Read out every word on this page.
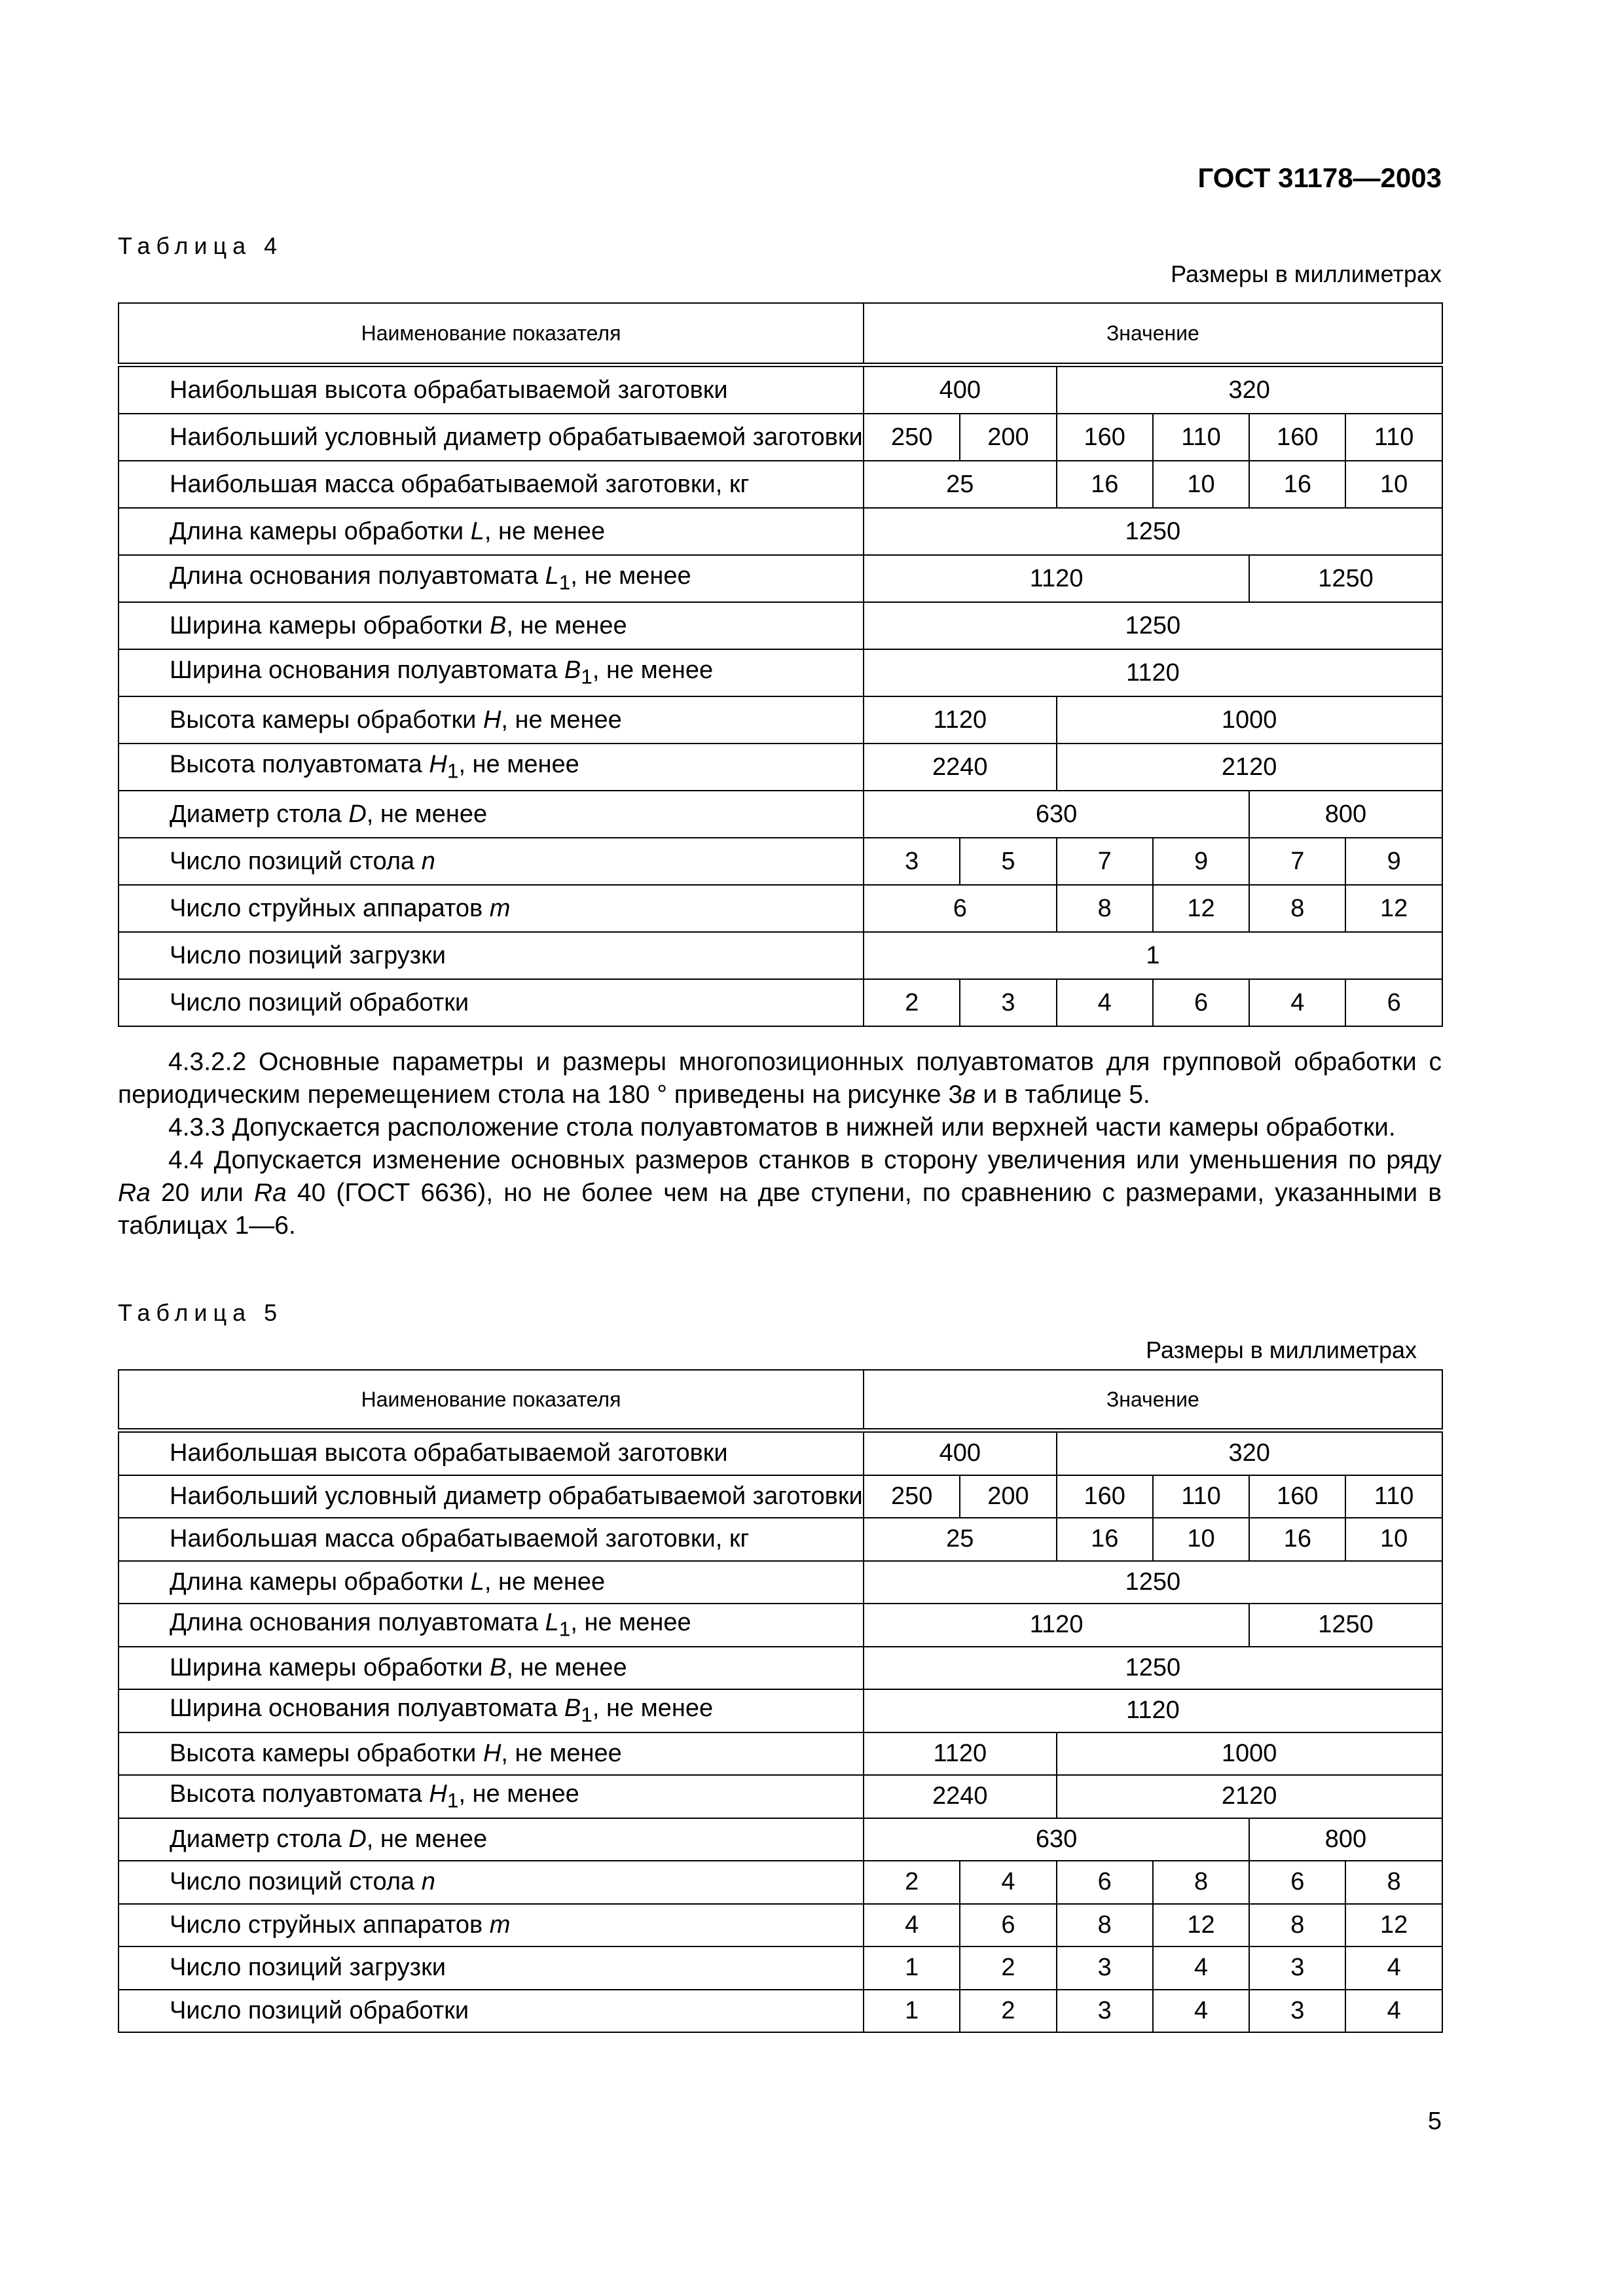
ГОСТ 31178—2003
Таблица 4
Размеры в миллиметрах
Наименование показателя	Значение					
Наибольшая высота обрабатываемой заготовки	400		320			
Наибольший условный диаметр обрабатываемой заготовки	250	200	160	110	160	110
Наибольшая масса обрабатываемой заготовки, кг	25		16	10	16	10
Длина камеры обработки L, не менее	1250					
Длина основания полуавтомата $L_1$, не менее	1120				1250	
Ширина камеры обработки B, не менее	1250					
Ширина основания полуавтомата $B_1$, не менее	1120					
Высота камеры обработки H, не менее	1120		1000			
Высота полуавтомата $H_1$, не менее	2240		2120			
Диаметр стола D, не менее	630				800	
Число позиций стола n	3	5	7	9	7	9
Число струйных аппаратов m	6		8	12	8	12
Число позиций загрузки	1					
Число позиций обработки	2	3	4	6	4	6

4.3.2.2 Основные параметры и размеры многопозиционных полуавтоматов для групповой обработки с периодическим перемещением стола на 180 ° приведены на рисунке 3в и в таблице 5.

4.3.3 Допускается расположение стола полуавтоматов в нижней или верхней части камеры обработки.

4.4 Допускается изменение основных размеров станков в сторону увеличения или уменьшения по ряду Ra 20 или Ra 40 (ГОСТ 6636), но не более чем на две ступени, по сравнению с размерами, указанными в таблицах 1—6.

Таблица 5
Размеры в миллиметрах
Наименование показателя	Значение					
Наибольшая высота обрабатываемой заготовки	400		320			
Наибольший условный диаметр обрабатываемой заготовки	250	200	160	110	160	110
Наибольшая масса обрабатываемой заготовки, кг	25		16	10	16	10
Длина камеры обработки L, не менее	1250					
Длина основания полуавтомата $L_1$, не менее	1120				1250	
Ширина камеры обработки B, не менее	1250					
Ширина основания полуавтомата $B_1$, не менее	1120					
Высота камеры обработки H, не менее	1120		1000			
Высота полуавтомата $H_1$, не менее	2240		2120			
Диаметр стола D, не менее	630				800	
Число позиций стола n	2	4	6	8	6	8
Число струйных аппаратов m	4	6	8	12	8	12
Число позиций загрузки	1	2	3	4	3	4
Число позиций обработки	1	2	3	4	3	4
5
